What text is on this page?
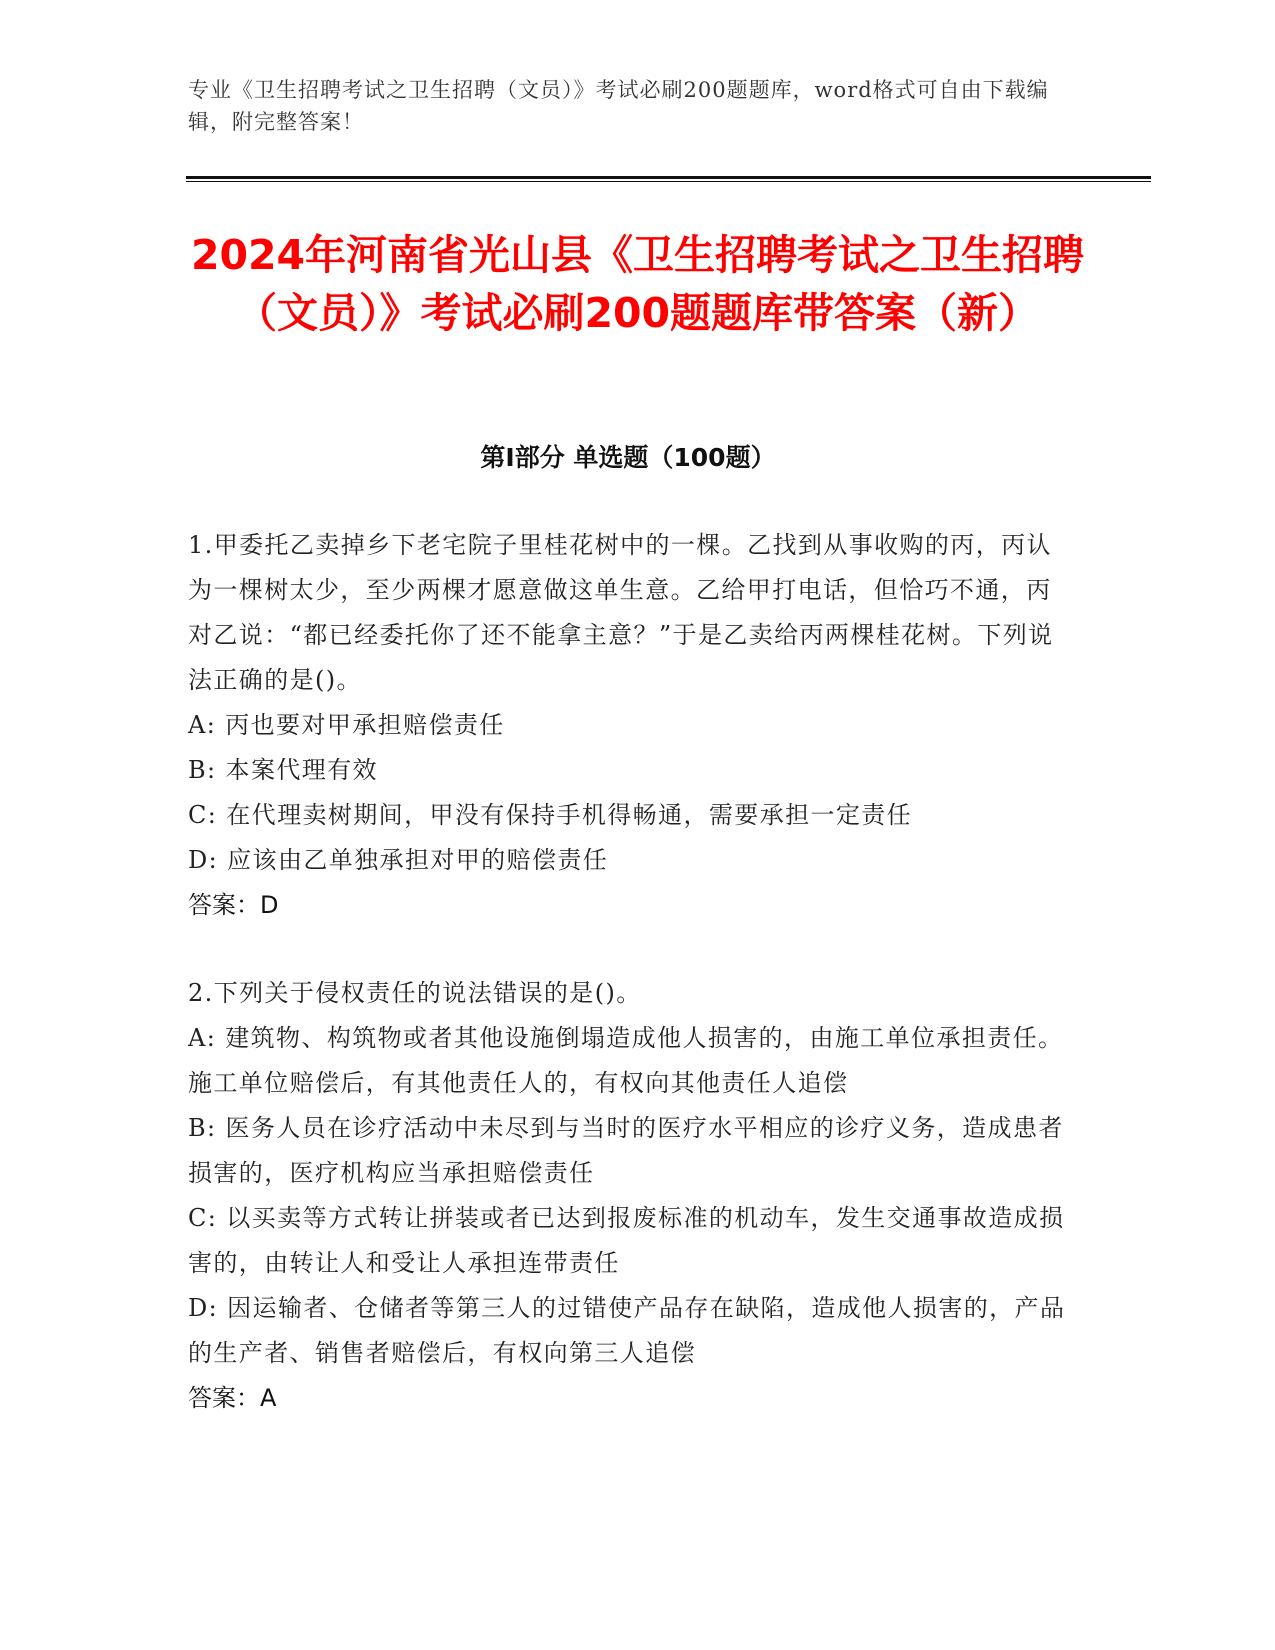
专业《卫生招聘考试之卫生招聘（文员）》考试必刷200题题库，word格式可自由下载编辑，附完整答案！
2024年河南省光山县《卫生招聘考试之卫生招聘（文员）》考试必刷200题题库带答案（新）
第Ⅰ部分 单选题（100题）

1.甲委托乙卖掉乡下老宅院子里桂花树中的一棵。乙找到从事收购的丙，丙认为一棵树太少，至少两棵才愿意做这单生意。乙给甲打电话，但恰巧不通，丙对乙说：“都已经委托你了还不能拿主意？”于是乙卖给丙两棵桂花树。下列说法正确的是()。

A: 丙也要对甲承担赔偿责任

B: 本案代理有效

C: 在代理卖树期间，甲没有保持手机得畅通，需要承担一定责任

D: 应该由乙单独承担对甲的赔偿责任

答案：D

2.下列关于侵权责任的说法错误的是()。

A: 建筑物、构筑物或者其他设施倒塌造成他人损害的，由施工单位承担责任。施工单位赔偿后，有其他责任人的，有权向其他责任人追偿

B: 医务人员在诊疗活动中未尽到与当时的医疗水平相应的诊疗义务，造成患者损害的，医疗机构应当承担赔偿责任

C: 以买卖等方式转让拼装或者已达到报废标准的机动车，发生交通事故造成损害的，由转让人和受让人承担连带责任

D: 因运输者、仓储者等第三人的过错使产品存在缺陷，造成他人损害的，产品的生产者、销售者赔偿后，有权向第三人追偿

答案：A
